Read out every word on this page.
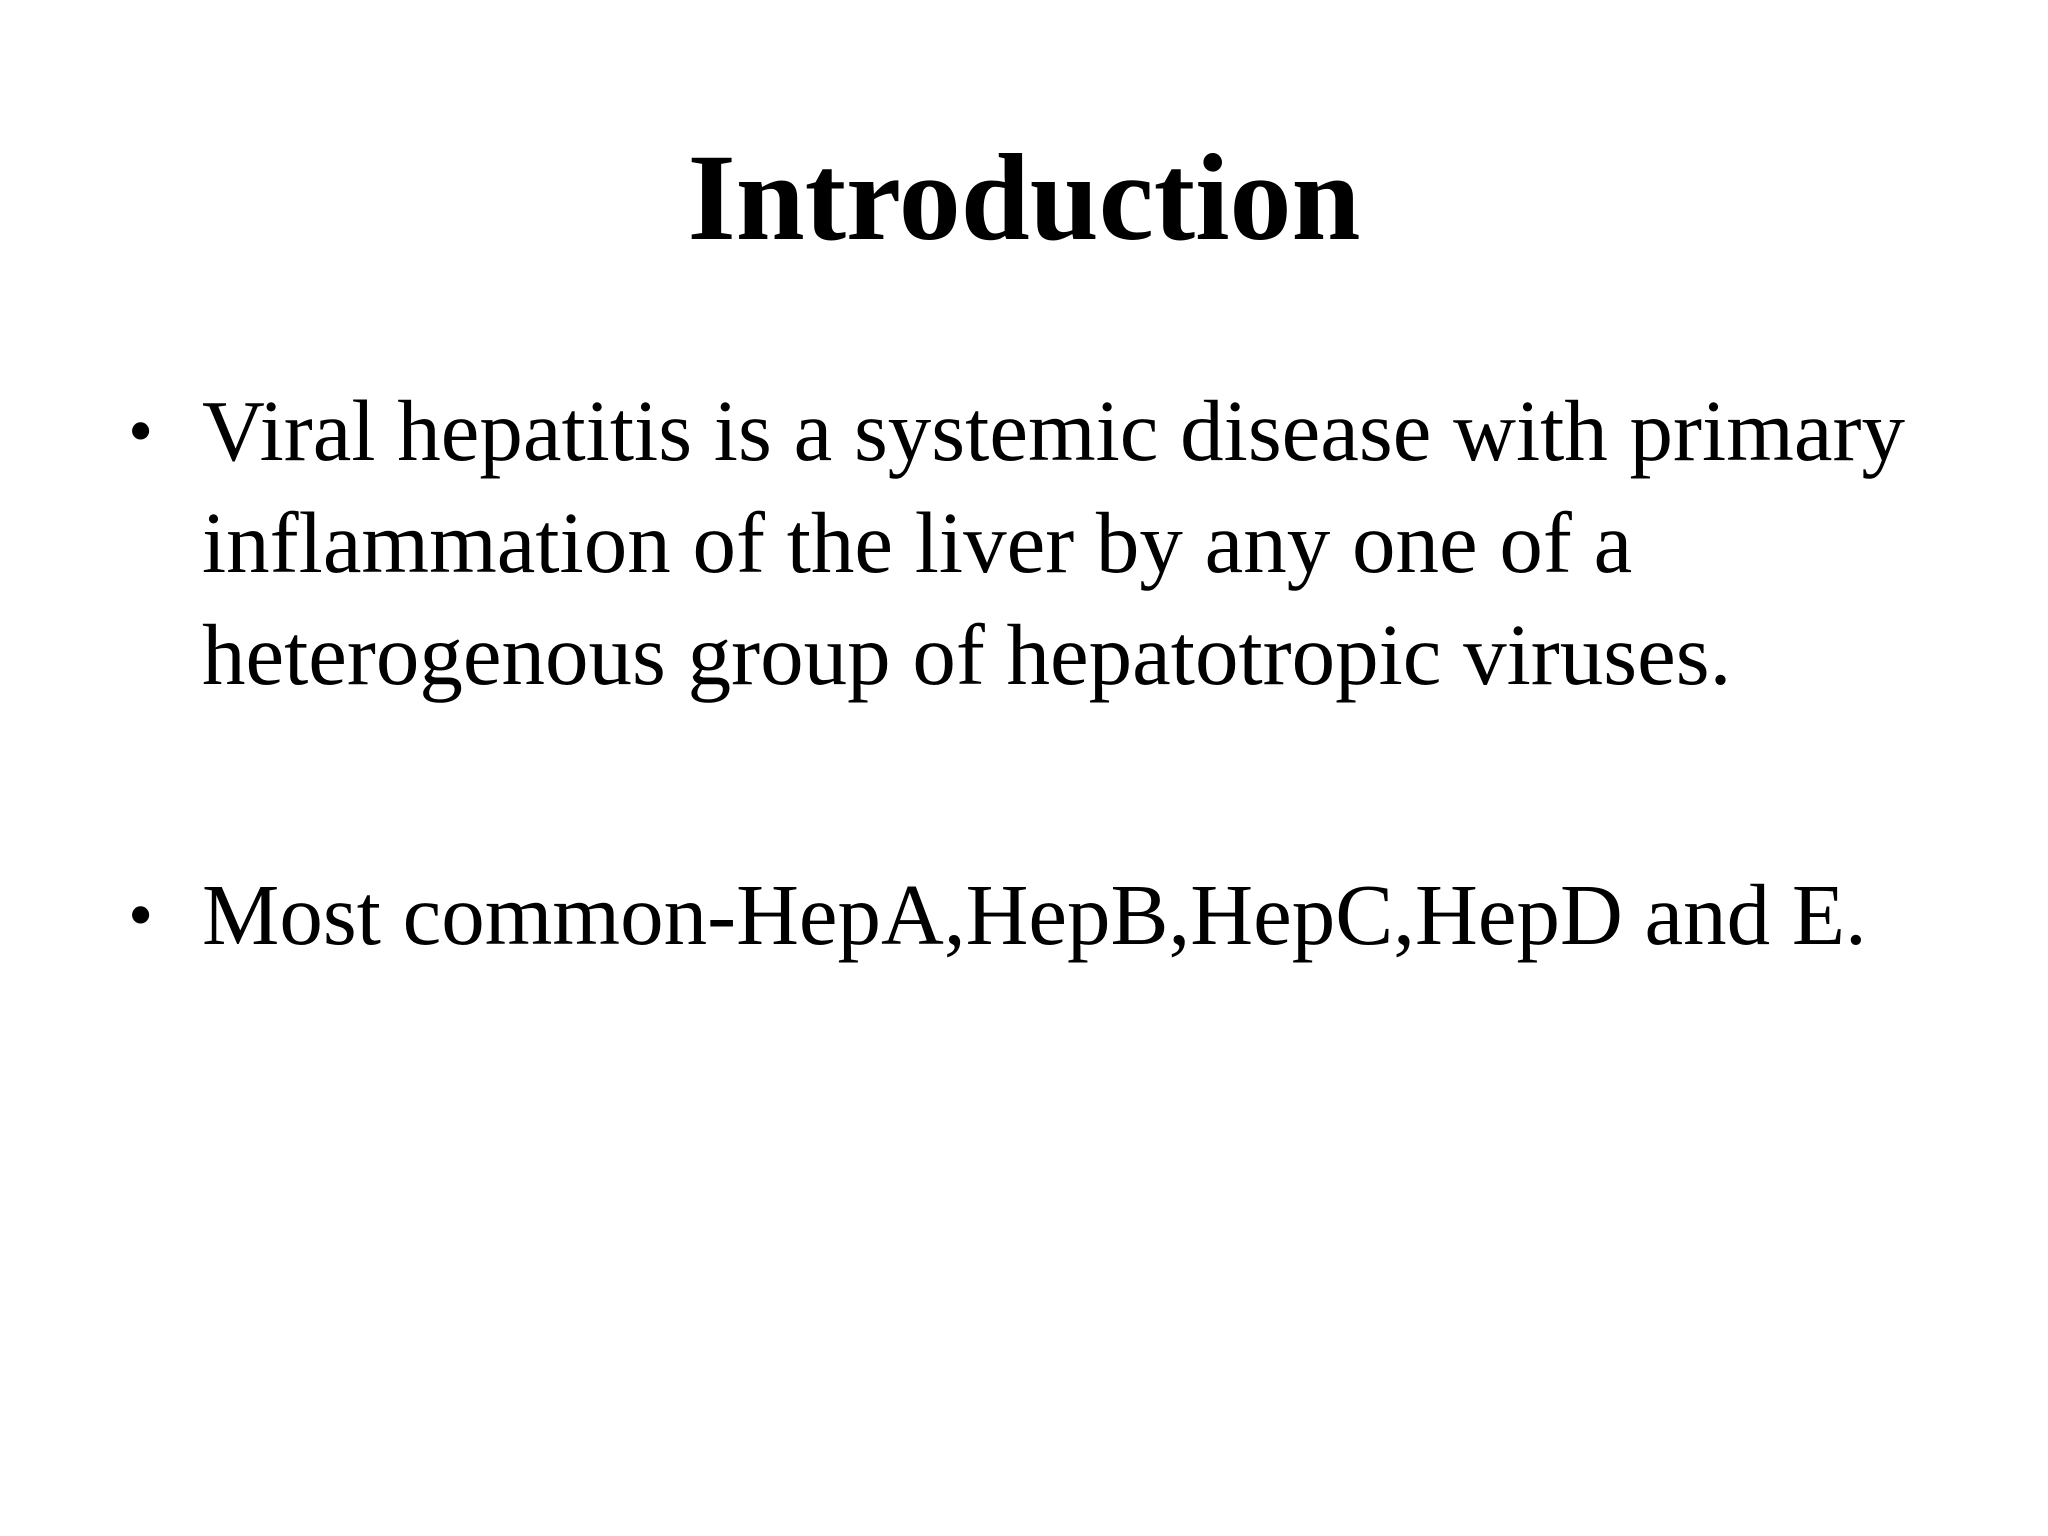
Introduction
• Viral hepatitis is a systemic disease with primary inflammation of the liver by any one of a heterogenous group of hepatotropic viruses.
• Most common-HepA,HepB,HepC,HepD and E.
